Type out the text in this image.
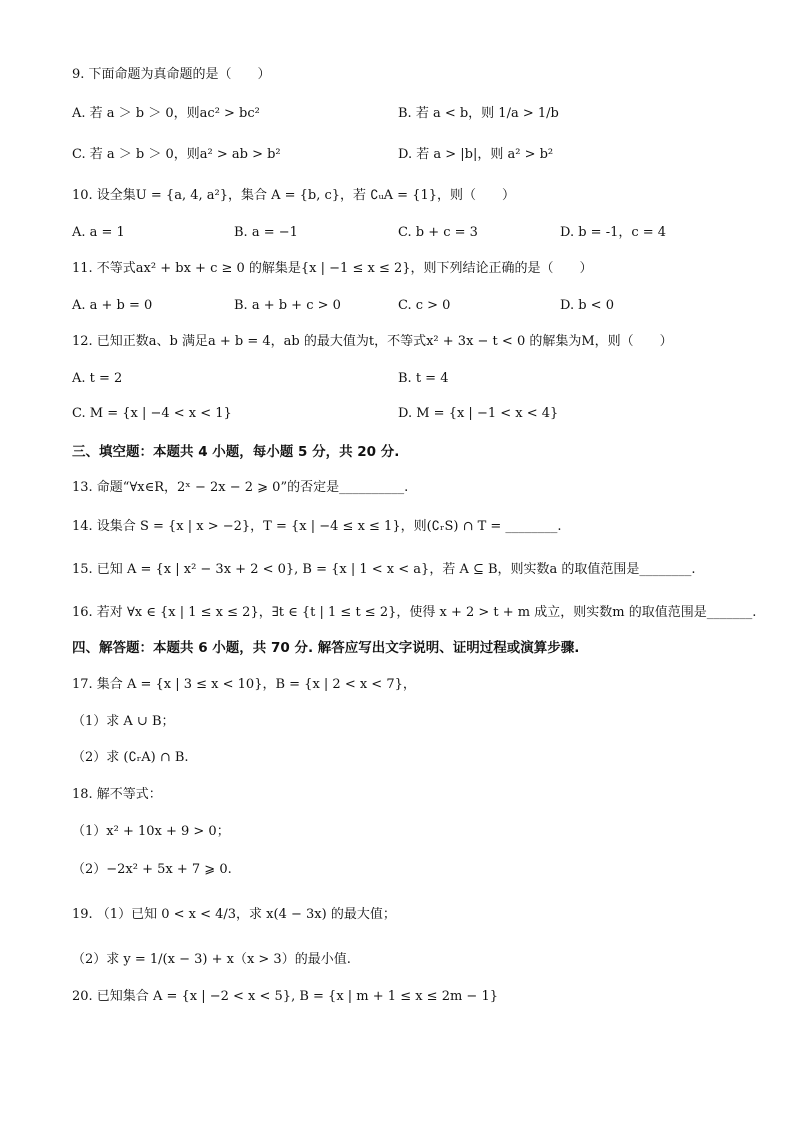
9. 下面命题为真命题的是（　　）
A. 若 a ＞ b ＞ 0，则ac² > bc²	B. 若 a < b，则 1/a > 1/b
C. 若 a ＞ b ＞ 0，则a² > ab > b²	D. 若 a > |b|，则 a² > b²
10. 设全集U = {a, 4, a²}，集合 A = {b, c}，若 ∁ᵤA = {1}，则（　　）
A. a = 1	B. a = −1	C. b + c = 3	D. b = -1，c = 4
11. 不等式ax² + bx + c ≥ 0 的解集是{x | −1 ≤ x ≤ 2}，则下列结论正确的是（　　）
A. a + b = 0	B. a + b + c > 0	C. c > 0	D. b < 0
12. 已知正数a、b 满足a + b = 4，ab 的最大值为t，不等式x² + 3x − t < 0 的解集为M，则（　　）
A. t = 2	B. t = 4
C. M = {x | −4 < x < 1}	D. M = {x | −1 < x < 4}
三、填空题：本题共 4 小题，每小题 5 分，共 20 分.
13. 命题“∀x∈R，2ˣ − 2x − 2 ⩾ 0”的否定是__________.
14. 设集合 S = {x | x > −2}，T = {x | −4 ≤ x ≤ 1}，则(∁ᵣS) ∩ T = ________.
15. 已知 A = {x | x² − 3x + 2 < 0}, B = {x | 1 < x < a}，若 A ⊆ B，则实数a 的取值范围是________.
16. 若对 ∀x ∈ {x | 1 ≤ x ≤ 2}，∃t ∈ {t | 1 ≤ t ≤ 2}，使得 x + 2 > t + m 成立，则实数m 的取值范围是_______.
四、解答题：本题共 6 小题，共 70 分. 解答应写出文字说明、证明过程或演算步骤.
17. 集合 A = {x | 3 ≤ x < 10}，B = {x | 2 < x < 7}，
（1）求 A ∪ B；
（2）求 (∁ᵣA) ∩ B.
18. 解不等式：
（1）x² + 10x + 9 > 0；
（2）−2x² + 5x + 7 ⩾ 0.
19. （1）已知 0 < x < 4/3，求 x(4 − 3x) 的最大值；
（2）求 y = 1/(x − 3) + x（x > 3）的最小值.
20. 已知集合 A = {x | −2 < x < 5}, B = {x | m + 1 ≤ x ≤ 2m − 1}
